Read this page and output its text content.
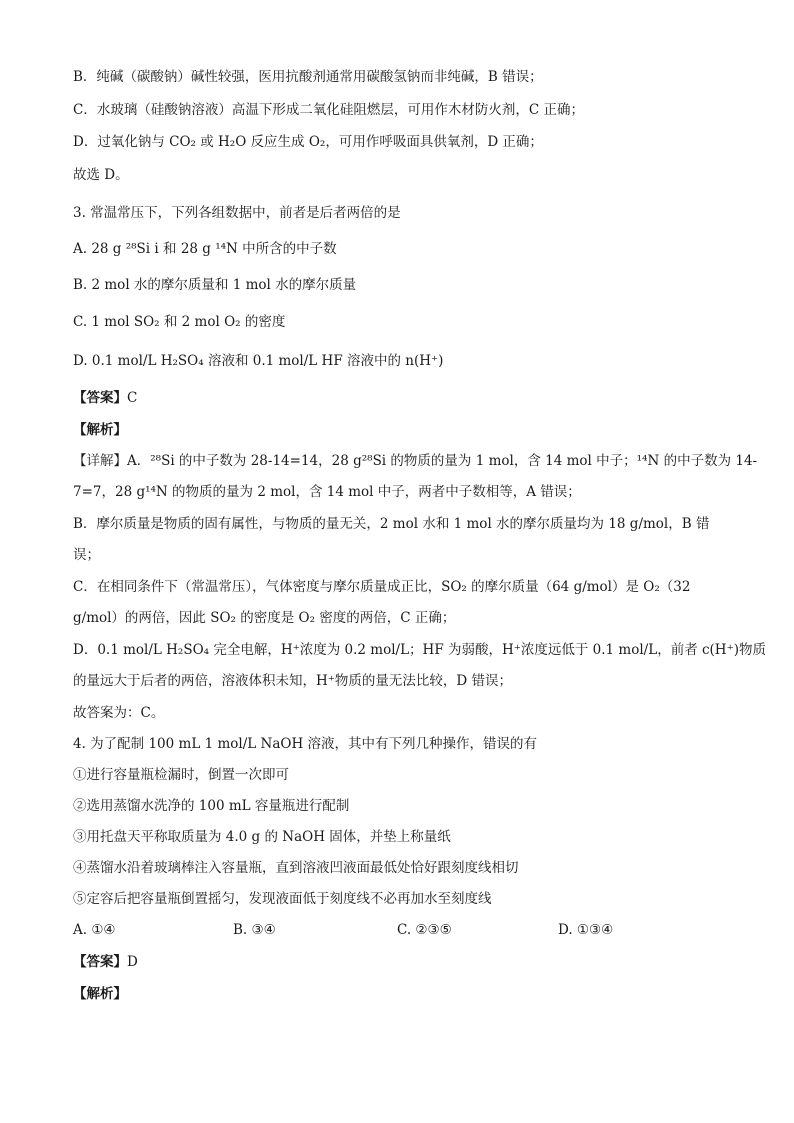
B．纯碱（碳酸钠）碱性较强，医用抗酸剂通常用碳酸氢钠而非纯碱，B 错误；
C．水玻璃（硅酸钠溶液）高温下形成二氧化硅阻燃层，可用作木材防火剂，C 正确；
D．过氧化钠与 CO₂ 或 H₂O 反应生成 O₂，可用作呼吸面具供氧剂，D 正确；
故选 D。
3. 常温常压下，下列各组数据中，前者是后者两倍的是
A. 28 g ²⁸Si i 和 28 g ¹⁴N 中所含的中子数
B. 2 mol 水的摩尔质量和 1 mol 水的摩尔质量
C. 1 mol SO₂ 和 2 mol O₂ 的密度
D. 0.1 mol/L H₂SO₄ 溶液和 0.1 mol/L HF 溶液中的 n(H⁺)
【答案】C
【解析】
【详解】A．²⁸Si 的中子数为 28-14=14，28 g²⁸Si 的物质的量为 1 mol，含 14 mol 中子；¹⁴N 的中子数为 14-
7=7，28 g¹⁴N 的物质的量为 2 mol，含 14 mol 中子，两者中子数相等，A 错误；
B．摩尔质量是物质的固有属性，与物质的量无关，2 mol 水和 1 mol 水的摩尔质量均为 18 g/mol，B 错
误；
C．在相同条件下（常温常压），气体密度与摩尔质量成正比，SO₂ 的摩尔质量（64 g/mol）是 O₂（32
g/mol）的两倍，因此 SO₂ 的密度是 O₂ 密度的两倍，C 正确；
D．0.1 mol/L H₂SO₄ 完全电解，H⁺浓度为 0.2 mol/L；HF 为弱酸，H⁺浓度远低于 0.1 mol/L，前者 c(H⁺)物质
的量远大于后者的两倍，溶液体积未知，H⁺物质的量无法比较，D 错误；
故答案为：C。
4. 为了配制 100 mL 1 mol/L NaOH 溶液，其中有下列几种操作，错误的有
①进行容量瓶检漏时，倒置一次即可
②选用蒸馏水洗净的 100 mL 容量瓶进行配制
③用托盘天平称取质量为 4.0 g 的 NaOH 固体，并垫上称量纸
④蒸馏水沿着玻璃棒注入容量瓶，直到溶液凹液面最低处恰好跟刻度线相切
⑤定容后把容量瓶倒置摇匀，发现液面低于刻度线不必再加水至刻度线
A. ①④	B. ③④	C. ②③⑤	D. ①③④
【答案】D
【解析】
